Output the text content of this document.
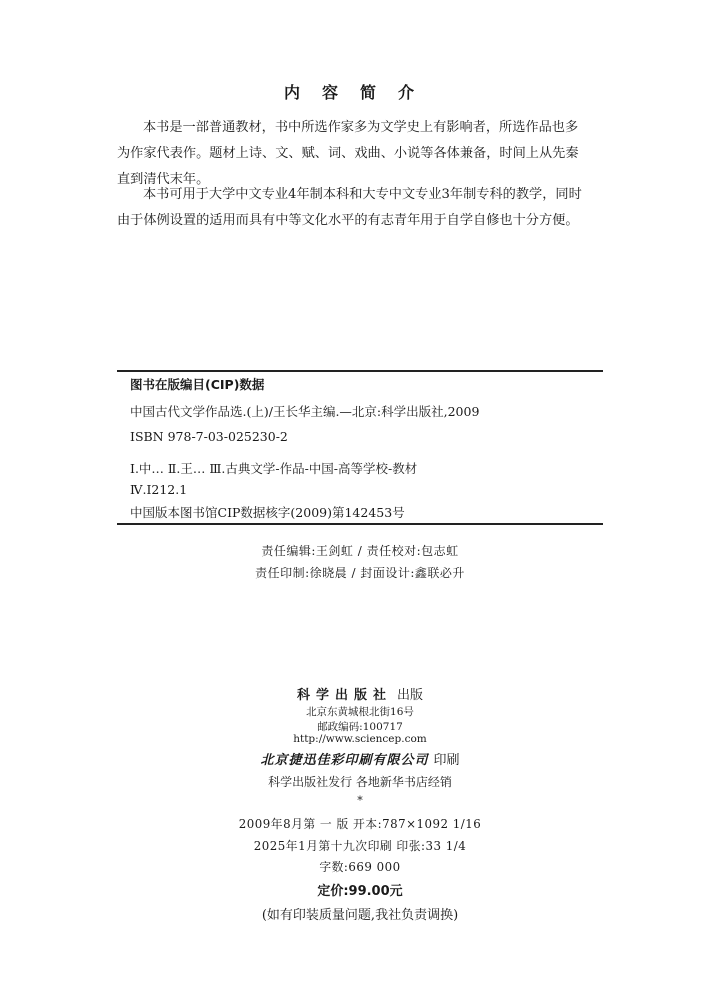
内容简介
本书是一部普通教材，书中所选作家多为文学史上有影响者，所选作品也多为作家代表作。题材上诗、文、赋、词、戏曲、小说等各体兼备，时间上从先秦直到清代末年。
本书可用于大学中文专业4年制本科和大专中文专业3年制专科的教学，同时由于体例设置的适用而具有中等文化水平的有志青年用于自学自修也十分方便。
图书在版编目(CIP)数据
中国古代文学作品选.(上)/王长华主编.—北京:科学出版社,2009
ISBN 978-7-03-025230-2
Ⅰ.中… Ⅱ.王… Ⅲ.古典文学-作品-中国-高等学校-教材
Ⅳ.Ⅰ212.1
中国版本图书馆CIP数据核字(2009)第142453号
责任编辑:王剑虹 / 责任校对:包志虹
责任印制:徐晓晨 / 封面设计:鑫联必升
科学出版社 出版
北京东黄城根北街16号
邮政编码:100717
http://www.sciencep.com
北京捷迅佳彩印刷有限公司 印刷
科学出版社发行 各地新华书店经销
*
2009年8月第 一 版 开本:787×1092 1/16
2025年1月第十九次印刷 印张:33 1/4
字数:669 000
定价:99.00元
(如有印装质量问题,我社负责调换)
